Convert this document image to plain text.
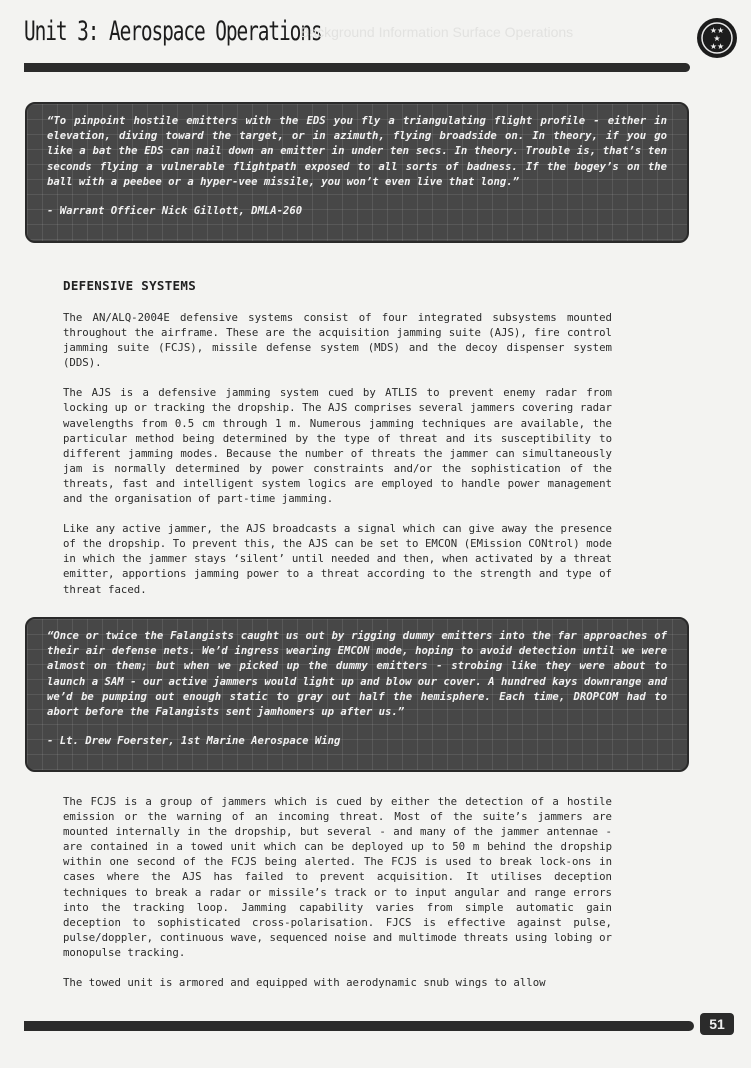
Unit 3: Aerospace Operations
Background Information Surface Operations	★★
★
★★

“To pinpoint hostile emitters with the EDS you fly a triangulating flight profile - either in elevation, diving toward the target, or in azimuth, flying broadside on. In theory, if you go like a bat the EDS can nail down an emitter in under ten secs. In theory. Trouble is, that’s ten seconds flying a vulnerable flightpath exposed to all sorts of badness. If the bogey’s on the ball with a peebee or a hyper-vee missile, you won’t even live that long.”

- Warrant Officer Nick Gillott, DMLA-260

DEFENSIVE SYSTEMS

The AN/ALQ-2004E defensive systems consist of four integrated subsystems mounted throughout the airframe. These are the acquisition jamming suite (AJS), fire control jamming suite (FCJS), missile defense system (MDS) and the decoy dispenser system (DDS).

The AJS is a defensive jamming system cued by ATLIS to prevent enemy radar from locking up or tracking the dropship. The AJS comprises several jammers covering radar wavelengths from 0.5 cm through 1 m. Numerous jamming techniques are available, the particular method being determined by the type of threat and its susceptibility to different jamming modes. Because the number of threats the jammer can simultaneously jam is normally determined by power constraints and/or the sophistication of the threats, fast and intelligent system logics are employed to handle power management and the organisation of part-time jamming.

Like any active jammer, the AJS broadcasts a signal which can give away the presence of the dropship. To prevent this, the AJS can be set to EMCON (EMission CONtrol) mode in which the jammer stays ‘silent’ until needed and then, when activated by a threat emitter, apportions jamming power to a threat according to the strength and type of threat faced.

“Once or twice the Falangists caught us out by rigging dummy emitters into the far approaches of their air defense nets. We’d ingress wearing EMCON mode, hoping to avoid detection until we were almost on them; but when we picked up the dummy emitters - strobing like they were about to launch a SAM - our active jammers would light up and blow our cover. A hundred kays downrange and we’d be pumping out enough static to gray out half the hemisphere. Each time, DROPCOM had to abort before the Falangists sent jamhomers up after us.”

- Lt. Drew Foerster, 1st Marine Aerospace Wing

The FCJS is a group of jammers which is cued by either the detection of a hostile emission or the warning of an incoming threat. Most of the suite’s jammers are mounted internally in the dropship, but several - and many of the jammer antennae - are contained in a towed unit which can be deployed up to 50 m behind the dropship within one second of the FCJS being alerted. The FCJS is used to break lock-ons in cases where the AJS has failed to prevent acquisition. It utilises deception techniques to break a radar or missile’s track or to input angular and range errors into the tracking loop. Jamming capability varies from simple automatic gain deception to sophisticated cross-polarisation. FJCS is effective against pulse, pulse/doppler, continuous wave, sequenced noise and multimode threats using lobing or monopulse tracking.

The towed unit is armored and equipped with aerodynamic snub wings to allow

51
